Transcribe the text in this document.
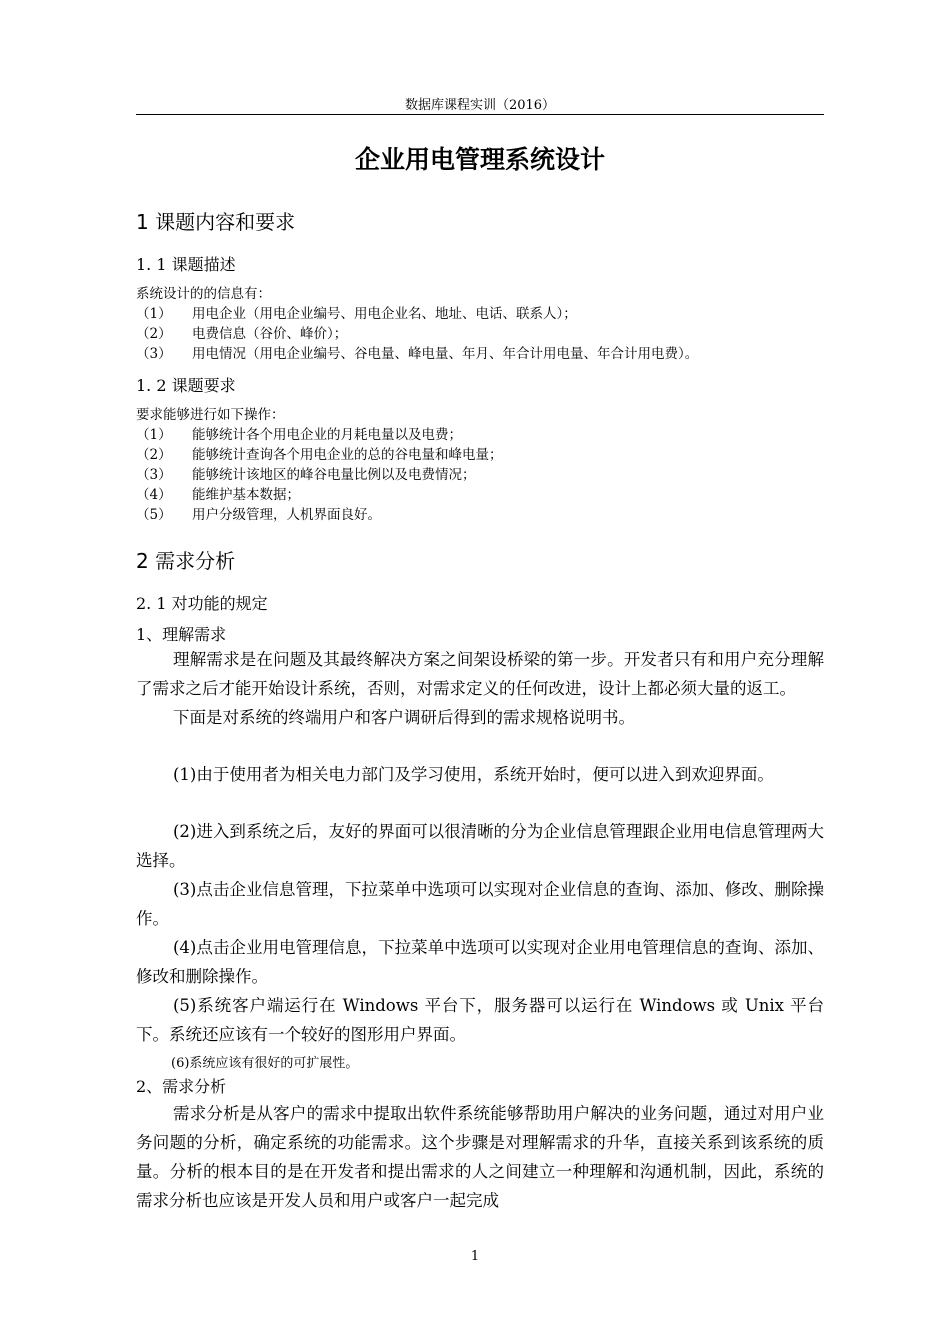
数据库课程实训（2016）
企业用电管理系统设计
1 课题内容和要求
1. 1 课题描述
系统设计的的信息有：
（1）	用电企业（用电企业编号、用电企业名、地址、电话、联系人）；
（2）	电费信息（谷价、峰价）；
（3）	用电情况（用电企业编号、谷电量、峰电量、年月、年合计用电量、年合计用电费）。
1. 2 课题要求
要求能够进行如下操作：
（1）	能够统计各个用电企业的月耗电量以及电费；
（2）	能够统计查询各个用电企业的总的谷电量和峰电量；
（3）	能够统计该地区的峰谷电量比例以及电费情况；
（4）	能维护基本数据；
（5）	用户分级管理，人机界面良好。
2 需求分析
2. 1 对功能的规定
1、理解需求
理解需求是在问题及其最终解决方案之间架设桥梁的第一步。开发者只有和用户充分理解了需求之后才能开始设计系统，否则，对需求定义的任何改进，设计上都必须大量的返工。
下面是对系统的终端用户和客户调研后得到的需求规格说明书。
(1)由于使用者为相关电力部门及学习使用，系统开始时，便可以进入到欢迎界面。
(2)进入到系统之后，友好的界面可以很清晰的分为企业信息管理跟企业用电信息管理两大选择。
(3)点击企业信息管理，下拉菜单中选项可以实现对企业信息的查询、添加、修改、删除操作。
(4)点击企业用电管理信息，下拉菜单中选项可以实现对企业用电管理信息的查询、添加、修改和删除操作。
(5)系统客户端运行在 Windows 平台下，服务器可以运行在 Windows 或 Unix 平台下。系统还应该有一个较好的图形用户界面。
(6)系统应该有很好的可扩展性。
2、需求分析
需求分析是从客户的需求中提取出软件系统能够帮助用户解决的业务问题，通过对用户业务问题的分析，确定系统的功能需求。这个步骤是对理解需求的升华，直接关系到该系统的质量。分析的根本目的是在开发者和提出需求的人之间建立一种理解和沟通机制，因此，系统的需求分析也应该是开发人员和用户或客户一起完成
1
